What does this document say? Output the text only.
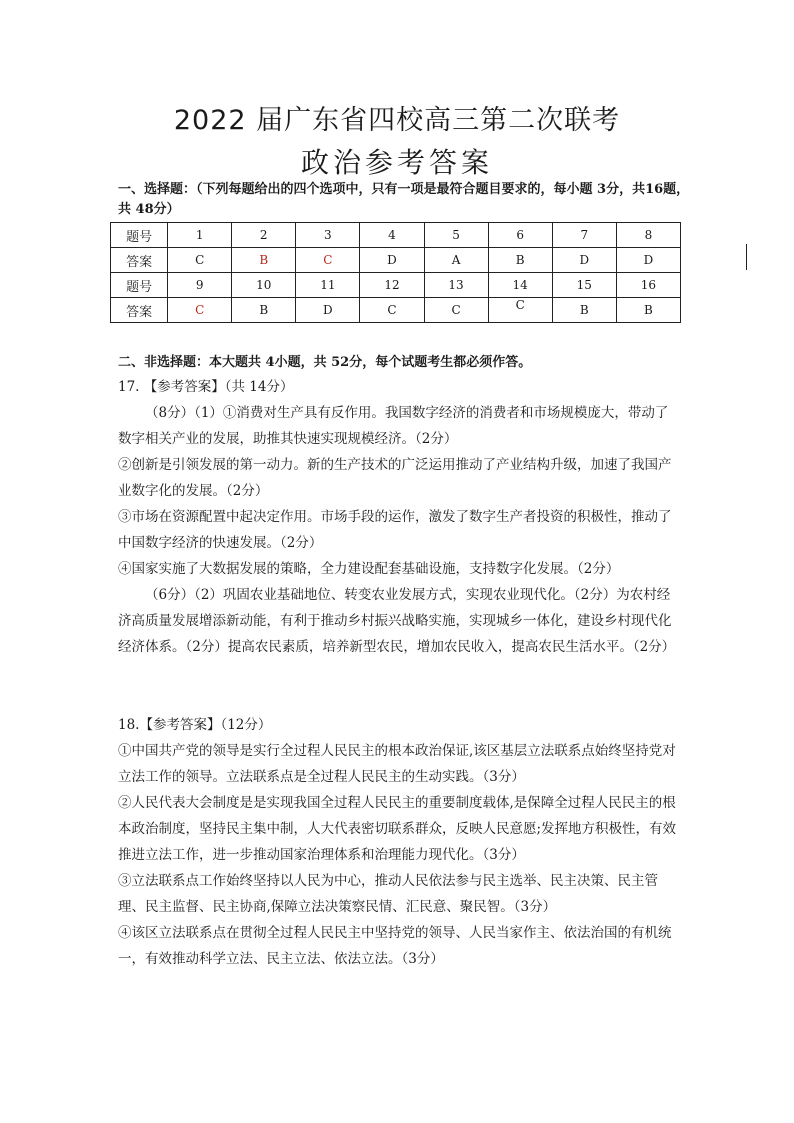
2022 届广东省四校高三第二次联考
政治参考答案
一、选择题：（下列每题给出的四个选项中，只有一项是最符合题目要求的，每小题 3分，共16题，共 48分）
题号	1	2	3	4	5	6	7	8
答案	C	B	C	D	A	B	D	D
题号	9	10	11	12	13	14	15	16
答案	C	B	D	C	C	C	B	B
二、非选择题：本大题共 4小题，共 52分，每个试题考生都必须作答。

17. 【参考答案】（共 14分）

（8分）（1）①消费对生产具有反作用。我国数字经济的消费者和市场规模庞大，带动了数字相关产业的发展，助推其快速实现规模经济。（2分）

②创新是引领发展的第一动力。新的生产技术的广泛运用推动了产业结构升级，加速了我国产业数字化的发展。（2分）

③市场在资源配置中起决定作用。市场手段的运作，激发了数字生产者投资的积极性，推动了中国数字经济的快速发展。（2分）

④国家实施了大数据发展的策略，全力建设配套基础设施，支持数字化发展。（2分）

（6分）（2）巩固农业基础地位、转变农业发展方式，实现农业现代化。（2分）为农村经济高质量发展增添新动能，有利于推动乡村振兴战略实施，实现城乡一体化，建设乡村现代化经济体系。（2分）提高农民素质，培养新型农民，增加农民收入，提高农民生活水平。（2分）

18.【参考答案】（12分）

①中国共产党的领导是实行全过程人民民主的根本政治保证,该区基层立法联系点始终坚持党对立法工作的领导。立法联系点是全过程人民民主的生动实践。（3分）

②人民代表大会制度是是实现我国全过程人民民主的重要制度载体,是保障全过程人民民主的根本政治制度，坚持民主集中制，人大代表密切联系群众，反映人民意愿;发挥地方积极性，有效推进立法工作，进一步推动国家治理体系和治理能力现代化。（3分）

③立法联系点工作始终坚持以人民为中心，推动人民依法参与民主选举、民主决策、民主管理、民主监督、民主协商,保障立法决策察民情、汇民意、聚民智。（3分）

④该区立法联系点在贯彻全过程人民民主中坚持党的领导、人民当家作主、依法治国的有机统一，有效推动科学立法、民主立法、依法立法。（3分）
